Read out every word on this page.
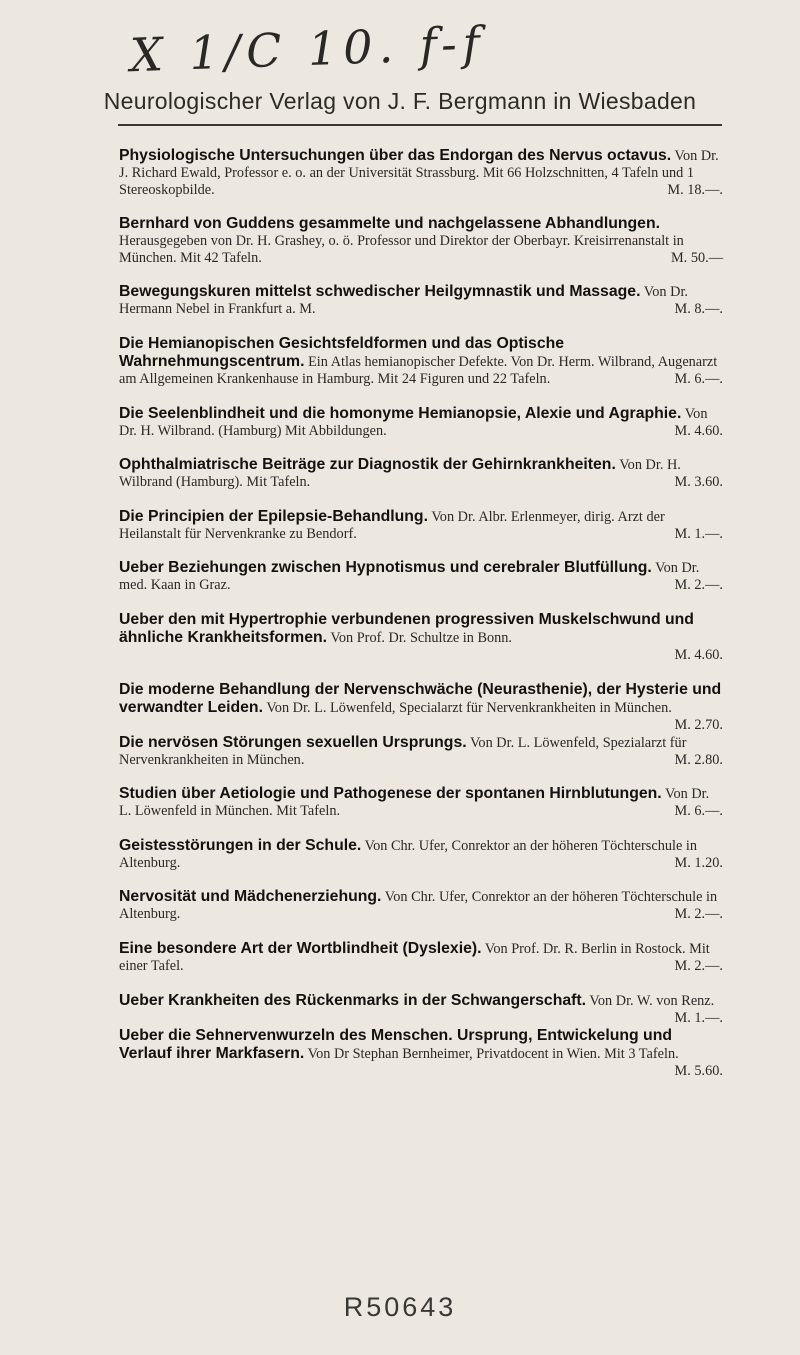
X 1/C 10. f-f
Neurologischer Verlag von J. F. Bergmann in Wiesbaden

Physiologische Untersuchungen über das Endorgan des Nervus octavus. Von Dr. J. Richard Ewald, Professor e. o. an der Universität Strassburg. Mit 66 Holzschnitten, 4 Tafeln und 1 Stereoskopbilde.	M. 18.—.

Bernhard von Guddens gesammelte und nachgelassene Abhandlungen. Herausgegeben von Dr. H. Grashey, o. ö. Professor und Direktor der Oberbayr. Kreisirrenanstalt in München. Mit 42 Tafeln.	M. 50.—

Bewegungskuren mittelst schwedischer Heilgymnastik und Massage. Von Dr. Hermann Nebel in Frankfurt a. M.	M. 8.—.

Die Hemianopischen Gesichtsfeldformen und das Optische Wahrnehmungscentrum. Ein Atlas hemianopischer Defekte. Von Dr. Herm. Wilbrand, Augenarzt am Allgemeinen Krankenhause in Hamburg. Mit 24 Figuren und 22 Tafeln.	M. 6.—.

Die Seelenblindheit und die homonyme Hemianopsie, Alexie und Agraphie. Von Dr. H. Wilbrand. (Hamburg) Mit Abbildungen.	M. 4.60.

Ophthalmiatrische Beiträge zur Diagnostik der Gehirnkrankheiten. Von Dr. H. Wilbrand (Hamburg). Mit Tafeln.	M. 3.60.

Die Principien der Epilepsie-Behandlung. Von Dr. Albr. Erlenmeyer, dirig. Arzt der Heilanstalt für Nervenkranke zu Bendorf.	M. 1.—.

Ueber Beziehungen zwischen Hypnotismus und cerebraler Blutfüllung. Von Dr. med. Kaan in Graz.	M. 2.—.

Ueber den mit Hypertrophie verbundenen progressiven Muskelschwund und ähnliche Krankheitsformen. Von Prof. Dr. Schultze in Bonn.

M. 4.60.

Die moderne Behandlung der Nervenschwäche (Neurasthenie), der Hysterie und verwandter Leiden. Von Dr. L. Löwenfeld, Specialarzt für Nervenkrankheiten in München.
M. 2.70.

Die nervösen Störungen sexuellen Ursprungs. Von Dr. L. Löwenfeld, Spezialarzt für Nervenkrankheiten in München.	M. 2.80.

Studien über Aetiologie und Pathogenese der spontanen Hirnblutungen. Von Dr. L. Löwenfeld in München. Mit Tafeln.	M. 6.—.

Geistesstörungen in der Schule. Von Chr. Ufer, Conrektor an der höheren Töchterschule in Altenburg.	M. 1.20.

Nervosität und Mädchenerziehung. Von Chr. Ufer, Conrektor an der höheren Töchterschule in Altenburg.	M. 2.—.

Eine besondere Art der Wortblindheit (Dyslexie). Von Prof. Dr. R. Berlin in Rostock. Mit einer Tafel.	M. 2.—.

Ueber Krankheiten des Rückenmarks in der Schwangerschaft. Von Dr. W. von Renz.
M. 1.—.

Ueber die Sehnervenwurzeln des Menschen. Ursprung, Entwickelung und Verlauf ihrer Markfasern. Von Dr Stephan Bernheimer, Privatdocent in Wien. Mit 3 Tafeln.
M. 5.60.

R50643
